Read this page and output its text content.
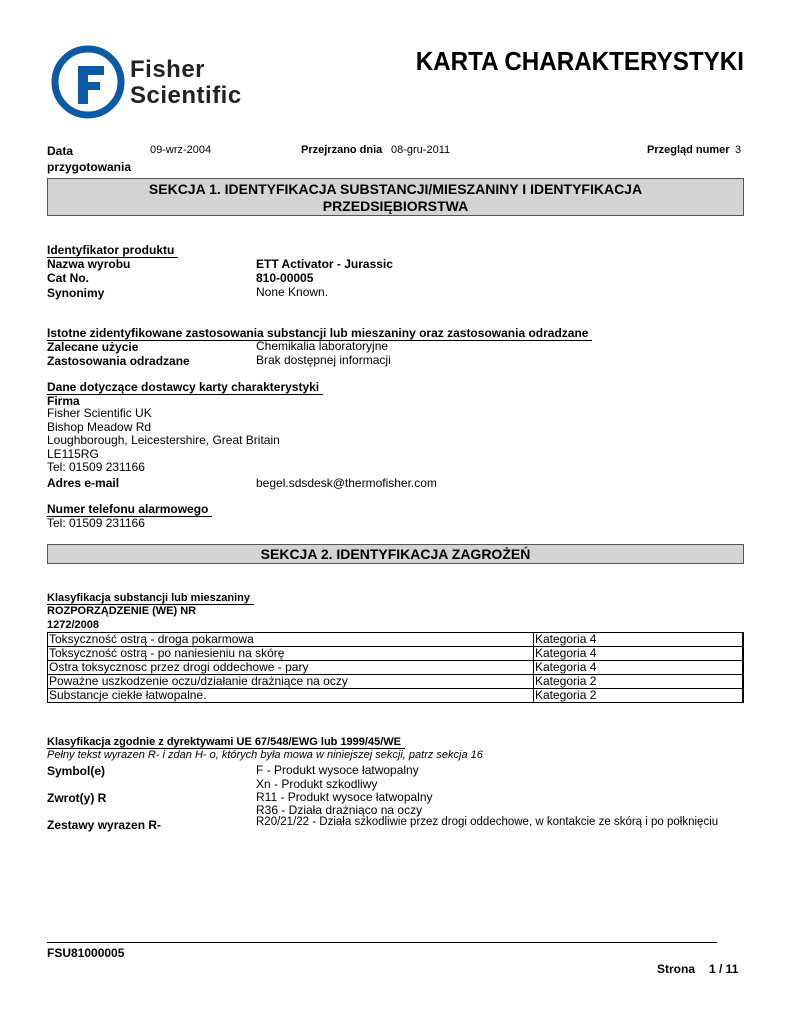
Fisher
Scientific
KARTA CHARAKTERYSTYKI
Data
przygotowania
09-wrz-2004	Przejrzano dnia 08-gru-2011	Przegląd numer 3
SEKCJA 1. IDENTYFIKACJA SUBSTANCJI/MIESZANINY I IDENTYFIKACJA
PRZEDSIĘBIORSTWA
Identyfikator produktu
Nazwa wyrobu	ETT Activator - Jurassic
Cat No.	810-00005
Synonimy	None Known.
Istotne zidentyfikowane zastosowania substancji lub mieszaniny oraz zastosowania odradzane
Zalecane użycie	Chemikalia laboratoryjne
Zastosowania odradzane	Brak dostępnej informacji
Dane dotyczące dostawcy karty charakterystyki
Firma
Fisher Scientific UK
Bishop Meadow Rd
Loughborough, Leicestershire, Great Britain
LE115RG
Tel: 01509 231166
Adres e-mail	begel.sdsdesk@thermofisher.com
Numer telefonu alarmowego
Tel: 01509 231166
SEKCJA 2. IDENTYFIKACJA ZAGROŻEŃ
Klasyfikacja substancji lub mieszaniny
ROZPORZĄDZENIE (WE) NR
1272/2008
Toksyczność ostrą - droga pokarmowa	Kategoria 4
Toksyczność ostrą - po naniesieniu na skórę	Kategoria 4
Ostra toksycznosc przez drogi oddechowe - pary	Kategoria 4
Poważne uszkodzenie oczu/działanie drażniące na oczy	Kategoria 2
Substancje ciekłe łatwopalne.	Kategoria 2
Klasyfikacja zgodnie z dyrektywami UE 67/548/EWG lub 1999/45/WE
Pełny tekst wyrazen R- i zdan H- o, których była mowa w niniejszej sekcji, patrz sekcja 16
Symbol(e)	F - Produkt wysoce łatwopalny
Xn - Produkt szkodliwy
Zwrot(y) R	R11 - Produkt wysoce łatwopalny
R36 - Działa drażniąco na oczy
Zestawy wyrazen R-	R20/21/22 - Działa szkodliwie przez drogi oddechowe, w kontakcie ze skórą i po połknięciu
FSU81000005
Strona 1 / 11
